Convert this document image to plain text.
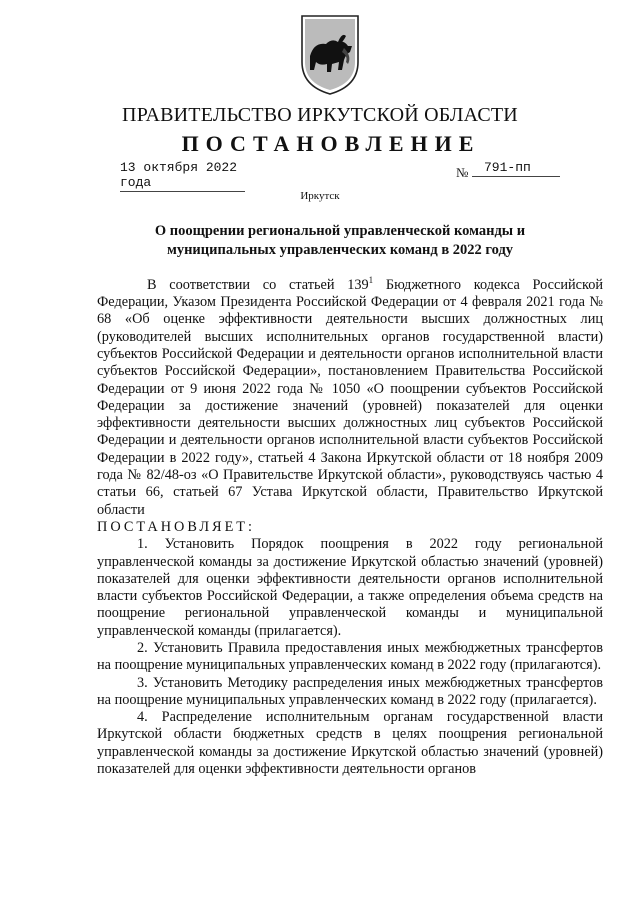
ПРАВИТЕЛЬСТВО ИРКУТСКОЙ ОБЛАСТИ
ПОСТАНОВЛЕНИЕ
13 октября 2022 года
№	791-пп
Иркутск
О поощрении региональной управленческой команды и
муниципальных управленческих команд в 2022 году

В соответствии со статьей $139^1$ Бюджетного кодекса Российской Федерации, Указом Президента Российской Федерации от 4 февраля 2021 года № 68 «Об оценке эффективности деятельности высших должностных лиц (руководителей высших исполнительных органов государственной власти) субъектов Российской Федерации и деятельности органов исполнительной власти субъектов Российской Федерации», постановлением Правительства Российской Федерации от 9 июня 2022 года № 1050 «О поощрении субъектов Российской Федерации за достижение значений (уровней) показателей для оценки эффективности деятельности высших должностных лиц субъектов Российской Федерации и деятельности органов исполнительной власти субъектов Российской Федерации в 2022 году», статьей 4 Закона Иркутской области от 18 ноября 2009 года № 82/48-оз «О Правительстве Иркутской области», руководствуясь частью 4 статьи 66, статьей 67 Устава Иркутской области, Правительство Иркутской области

ПОСТАНОВЛЯЕТ:

1. Установить Порядок поощрения в 2022 году региональной управленческой команды за достижение Иркутской областью значений (уровней) показателей для оценки эффективности деятельности органов исполнительной власти субъектов Российской Федерации, а также определения объема средств на поощрение региональной управленческой команды и муниципальной управленческой команды (прилагается).

2. Установить Правила предоставления иных межбюджетных трансфертов на поощрение муниципальных управленческих команд в 2022 году (прилагаются).

3. Установить Методику распределения иных межбюджетных трансфертов на поощрение муниципальных управленческих команд в 2022 году (прилагается).

4. Распределение исполнительным органам государственной власти Иркутской области бюджетных средств в целях поощрения региональной управленческой команды за достижение Иркутской областью значений (уровней) показателей для оценки эффективности деятельности органов
